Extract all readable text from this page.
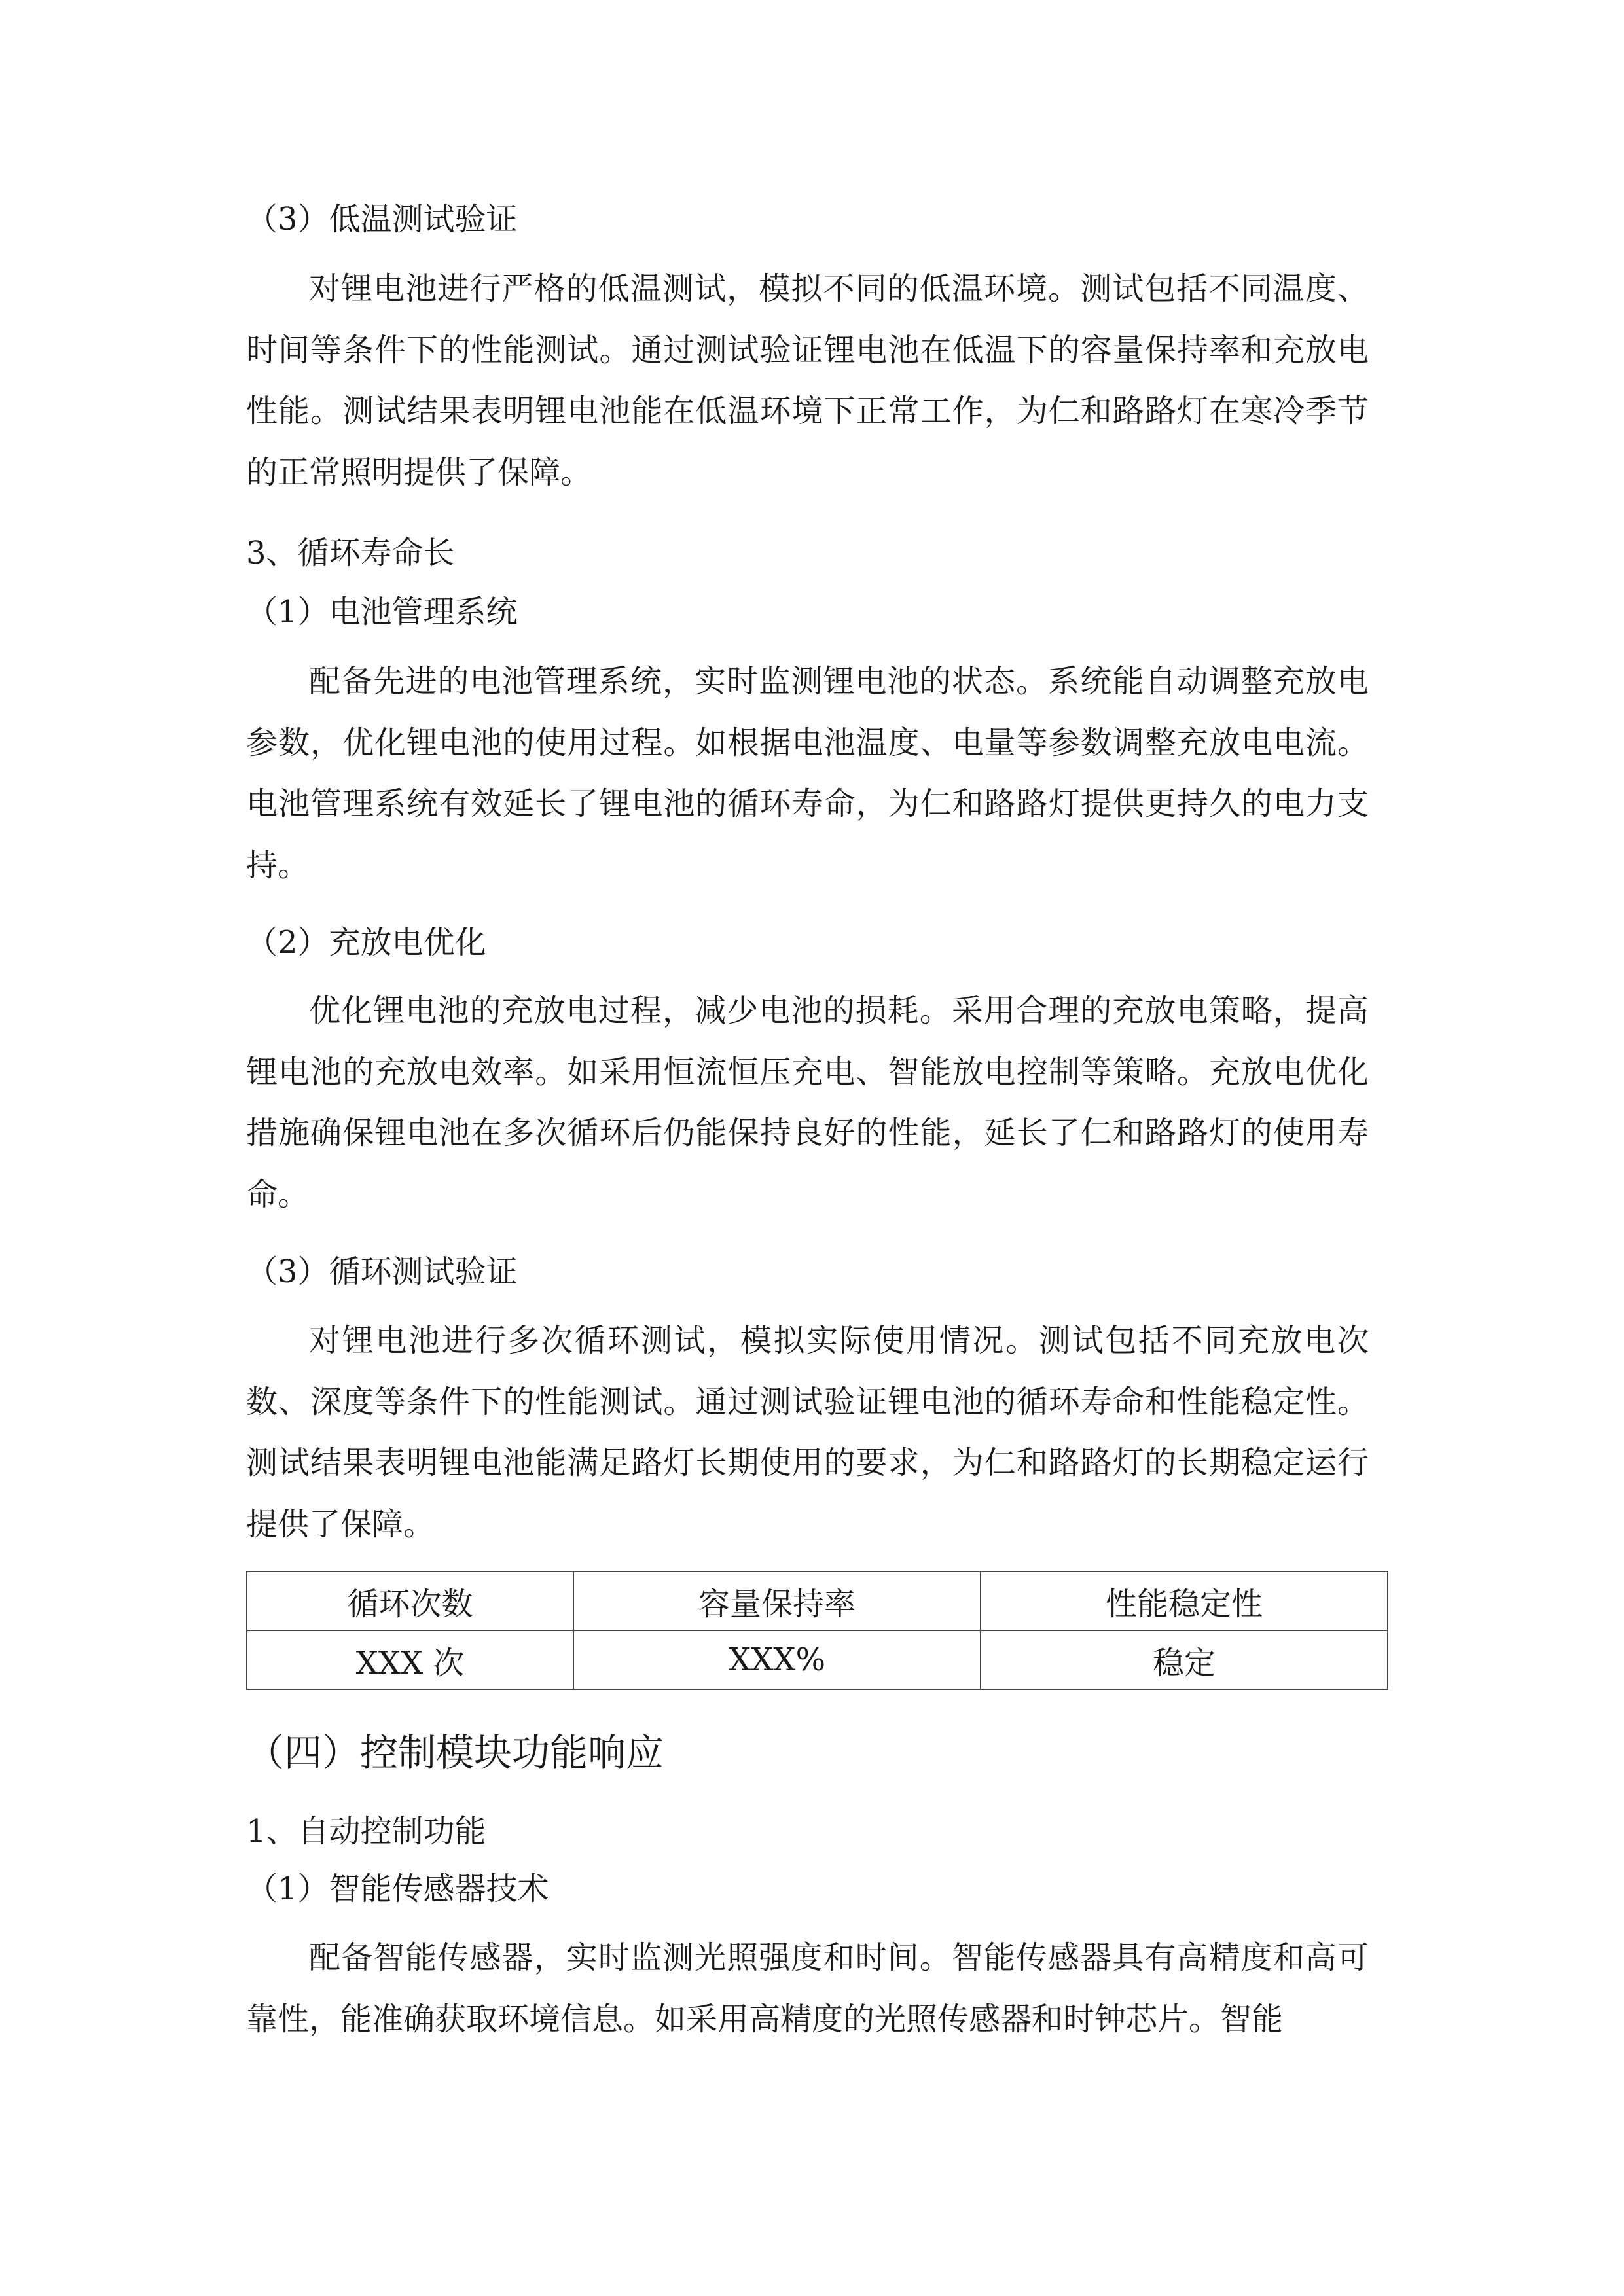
（3）低温测试验证
对锂电池进行严格的低温测试，模拟不同的低温环境。测试包括不同温度、时间等条件下的性能测试。通过测试验证锂电池在低温下的容量保持率和充放电性能。测试结果表明锂电池能在低温环境下正常工作，为仁和路路灯在寒冷季节的正常照明提供了保障。
3、循环寿命长
（1）电池管理系统
配备先进的电池管理系统，实时监测锂电池的状态。系统能自动调整充放电参数，优化锂电池的使用过程。如根据电池温度、电量等参数调整充放电电流。电池管理系统有效延长了锂电池的循环寿命，为仁和路路灯提供更持久的电力支持。
（2）充放电优化
优化锂电池的充放电过程，减少电池的损耗。采用合理的充放电策略，提高锂电池的充放电效率。如采用恒流恒压充电、智能放电控制等策略。充放电优化措施确保锂电池在多次循环后仍能保持良好的性能，延长了仁和路路灯的使用寿命。
（3）循环测试验证
对锂电池进行多次循环测试，模拟实际使用情况。测试包括不同充放电次数、深度等条件下的性能测试。通过测试验证锂电池的循环寿命和性能稳定性。测试结果表明锂电池能满足路灯长期使用的要求，为仁和路路灯的长期稳定运行提供了保障。
循环次数	容量保持率	性能稳定性
XXX 次	XXX%	稳定
（四）控制模块功能响应
1、自动控制功能
（1）智能传感器技术
配备智能传感器，实时监测光照强度和时间。智能传感器具有高精度和高可靠性，能准确获取环境信息。如采用高精度的光照传感器和时钟芯片。智能
